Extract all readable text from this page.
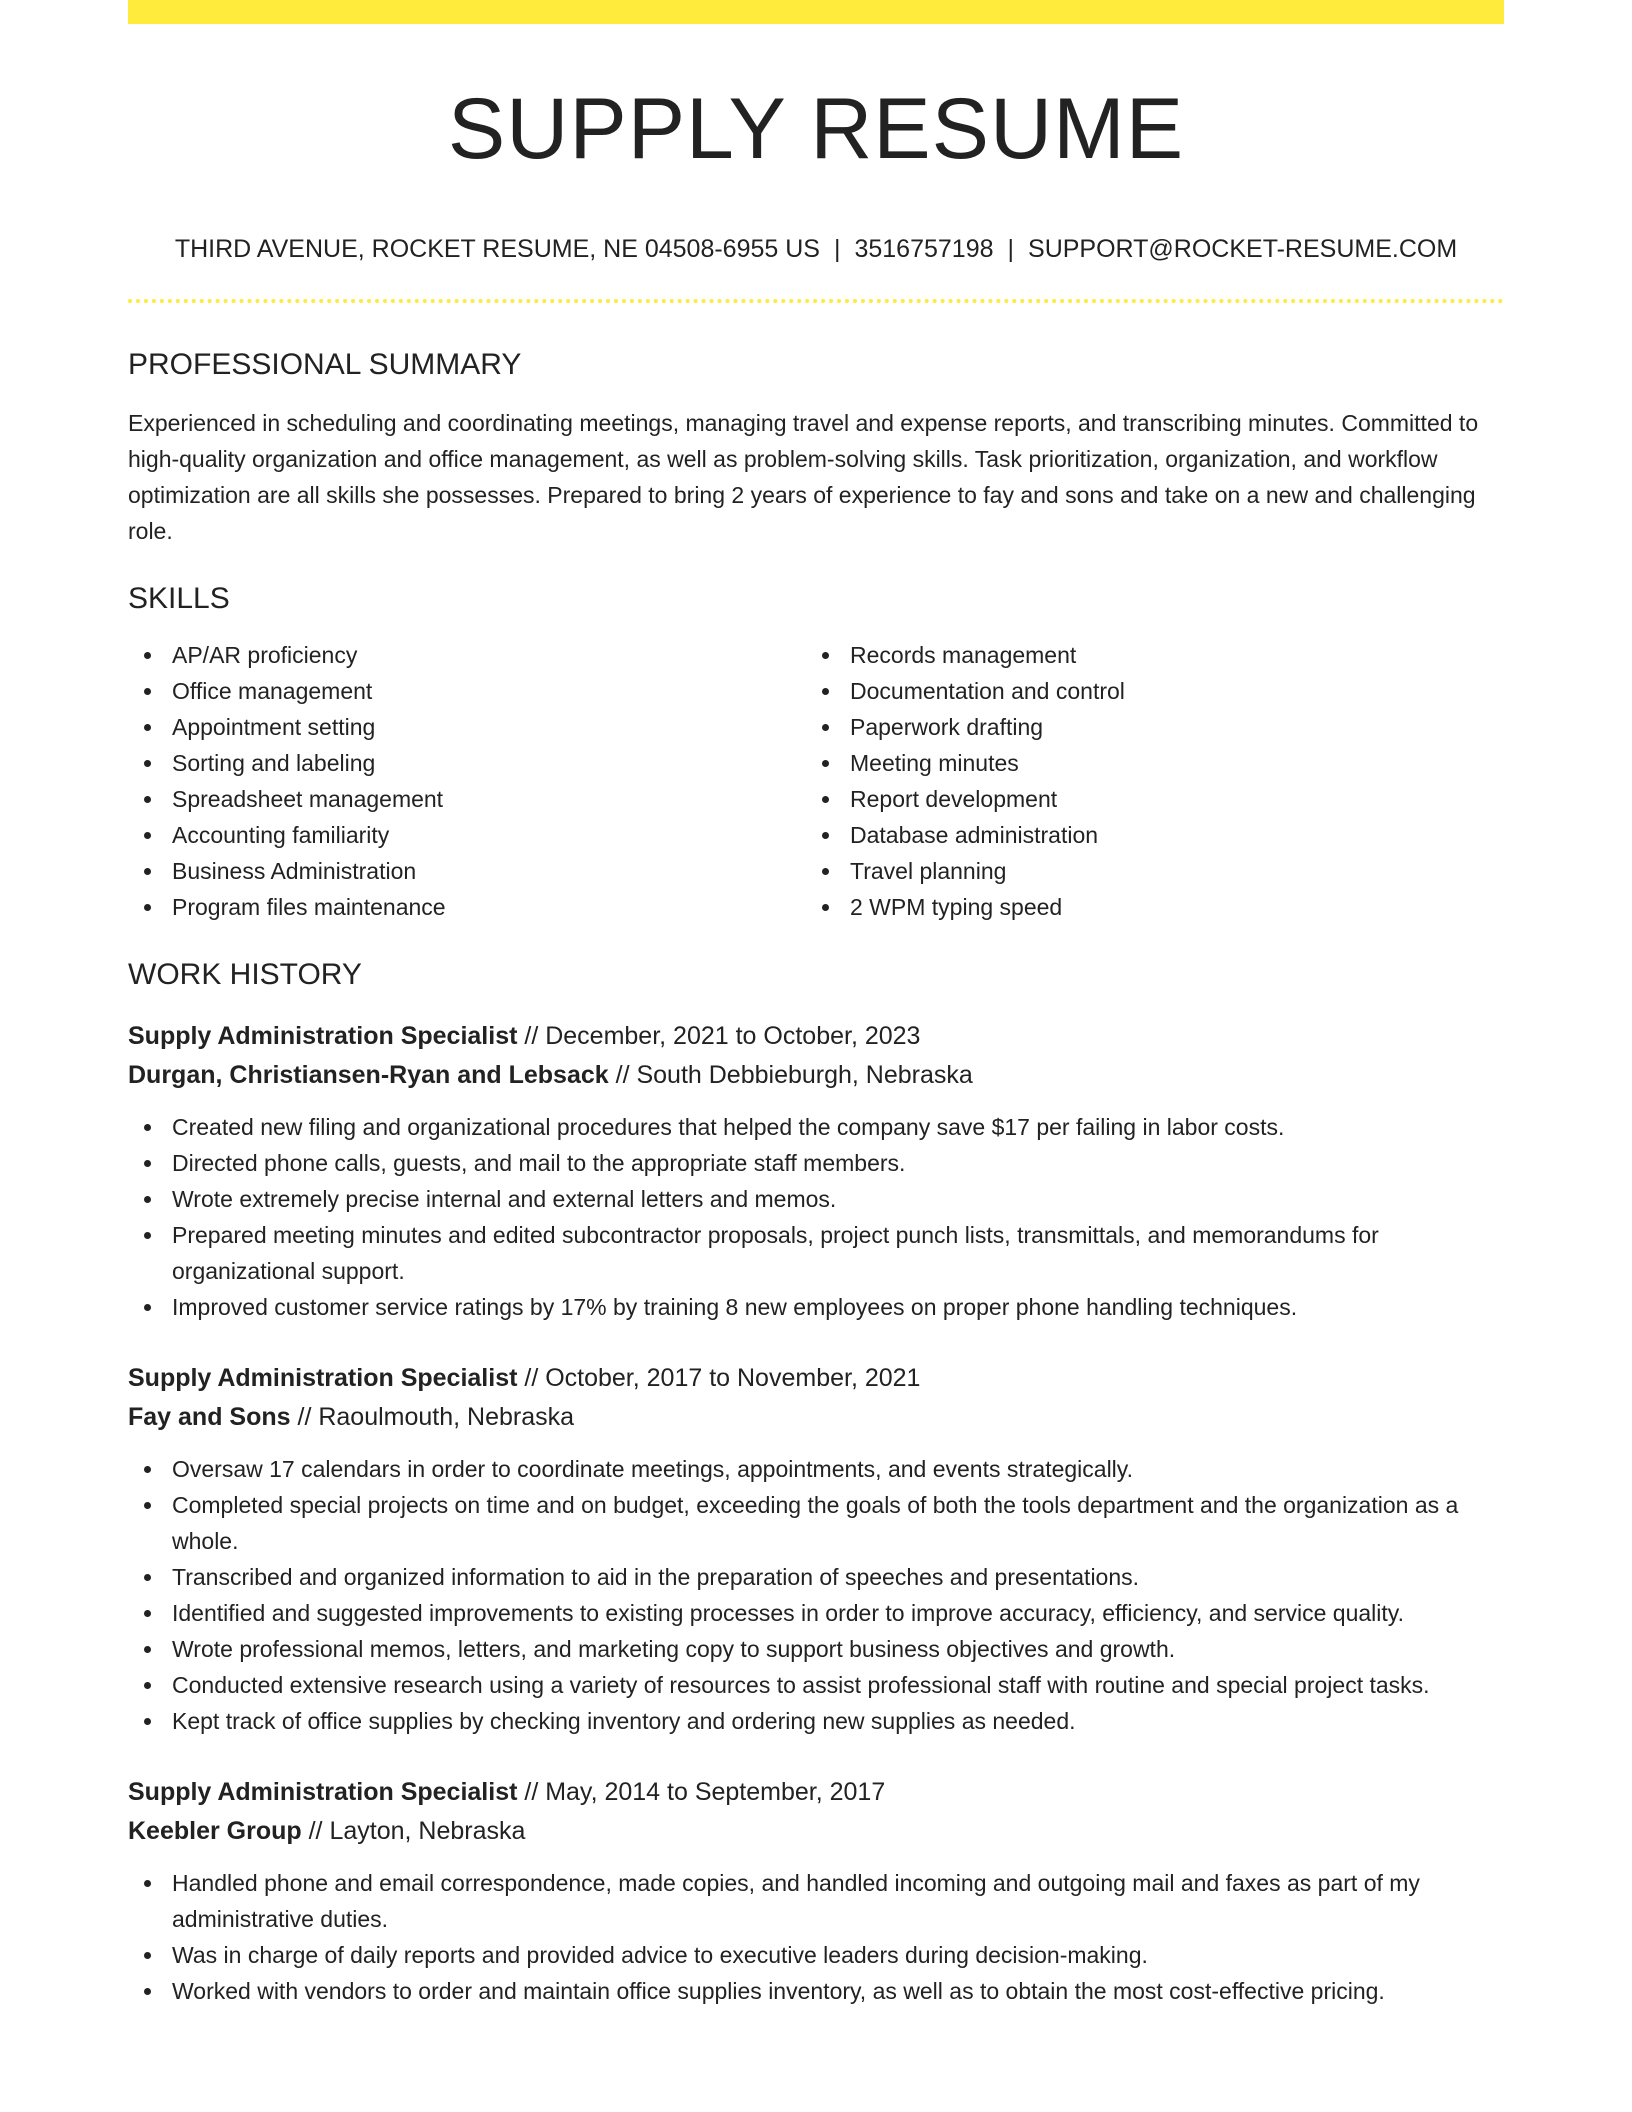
SUPPLY RESUME
THIRD AVENUE, ROCKET RESUME, NE 04508-6955 US | 3516757198 | SUPPORT@ROCKET-RESUME.COM
PROFESSIONAL SUMMARY
Experienced in scheduling and coordinating meetings, managing travel and expense reports, and transcribing minutes. Committed to high-quality organization and office management, as well as problem-solving skills. Task prioritization, organization, and workflow optimization are all skills she possesses. Prepared to bring 2 years of experience to fay and sons and take on a new and challenging role.
SKILLS
AP/AR proficiency
Office management
Appointment setting
Sorting and labeling
Spreadsheet management
Accounting familiarity
Business Administration
Program files maintenance
Records management
Documentation and control
Paperwork drafting
Meeting minutes
Report development
Database administration
Travel planning
2 WPM typing speed
WORK HISTORY
Supply Administration Specialist // December, 2021 to October, 2023
Durgan, Christiansen-Ryan and Lebsack // South Debbieburgh, Nebraska
Created new filing and organizational procedures that helped the company save $17 per failing in labor costs.
Directed phone calls, guests, and mail to the appropriate staff members.
Wrote extremely precise internal and external letters and memos.
Prepared meeting minutes and edited subcontractor proposals, project punch lists, transmittals, and memorandums for organizational support.
Improved customer service ratings by 17% by training 8 new employees on proper phone handling techniques.
Supply Administration Specialist // October, 2017 to November, 2021
Fay and Sons // Raoulmouth, Nebraska
Oversaw 17 calendars in order to coordinate meetings, appointments, and events strategically.
Completed special projects on time and on budget, exceeding the goals of both the tools department and the organization as a whole.
Transcribed and organized information to aid in the preparation of speeches and presentations.
Identified and suggested improvements to existing processes in order to improve accuracy, efficiency, and service quality.
Wrote professional memos, letters, and marketing copy to support business objectives and growth.
Conducted extensive research using a variety of resources to assist professional staff with routine and special project tasks.
Kept track of office supplies by checking inventory and ordering new supplies as needed.
Supply Administration Specialist // May, 2014 to September, 2017
Keebler Group // Layton, Nebraska
Handled phone and email correspondence, made copies, and handled incoming and outgoing mail and faxes as part of my administrative duties.
Was in charge of daily reports and provided advice to executive leaders during decision-making.
Worked with vendors to order and maintain office supplies inventory, as well as to obtain the most cost-effective pricing.
